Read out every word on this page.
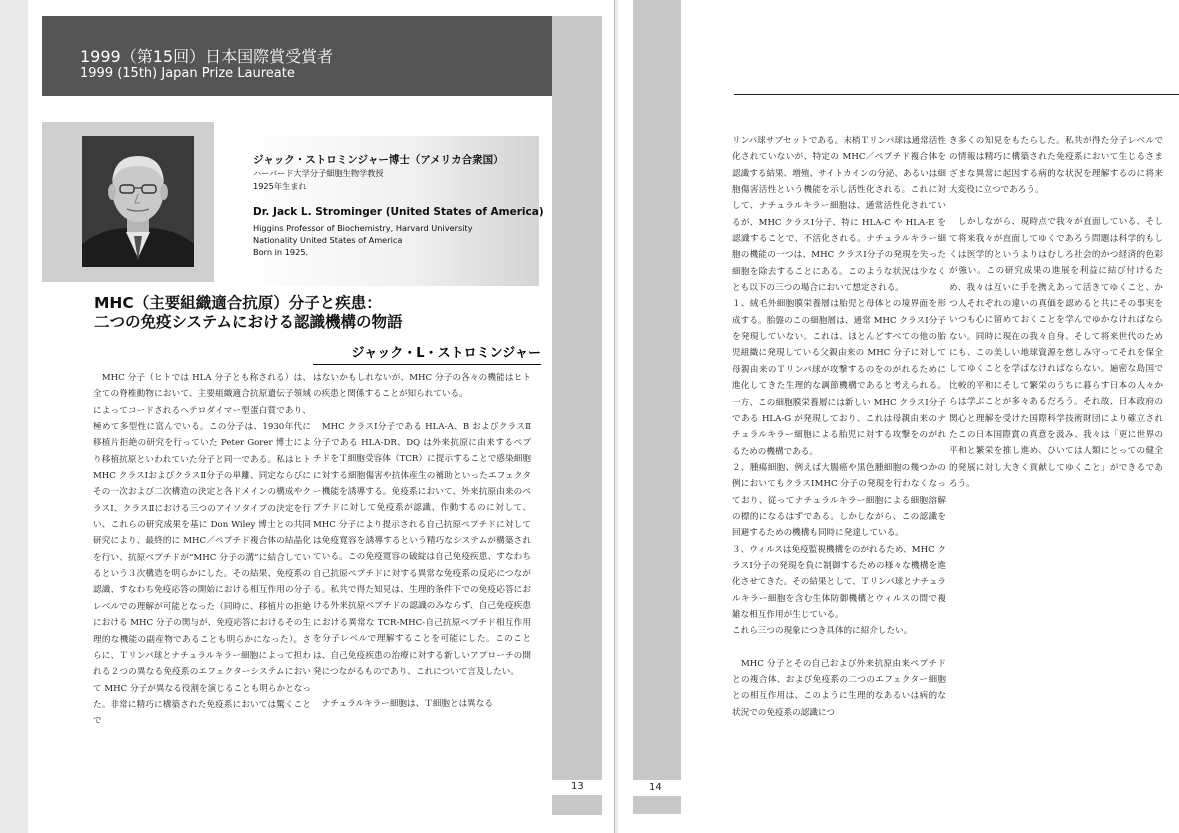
1999（第15回）日本国際賞受賞者
1999 (15th) Japan Prize Laureate
ジャック・ストロミンジャー博士（アメリカ合衆国）
ハーバード大学分子細胞生物学教授
1925年生まれ
Dr. Jack L. Strominger (United States of America)
Higgins Professor of Biochemistry, Harvard University
Nationality United States of America
Born in 1925.
MHC（主要組織適合抗原）分子と疾患：
二つの免疫システムにおける認識機構の物語
ジャック・L・ストロミンジャー

　MHC 分子（ヒトでは HLA 分子とも称される）は、全ての脊椎動物において、主要組織適合抗原遺伝子領域によってコードされるヘテロダイマー型蛋白質であり、極めて多型性に富んでいる。この分子は、1930年代に移植片拒絶の研究を行っていた Peter Gorer 博士により移植抗原といわれていた分子と同一である。私はヒト MHC クラスⅠおよびクラスⅡ分子の単離、同定ならびにその一次および二次構造の決定と各ドメインの構成やクラスⅠ、クラスⅡにおける三つのアイソタイプの決定を行い、これらの研究成果を基に Don Wiley 博士との共同研究により、最終的に MHC／ペプチド複合体の結晶化を行い、抗原ペプチドが“MHC 分子の溝”に結合しているという３次構造を明らかにした。その結果、免疫系の認識、すなわち免疫応答の開始における相互作用の分子レベルでの理解が可能となった（同時に、移植片の拒絶における MHC 分子の関与が、免疫応答におけるその生理的な機能の副産物であることも明らかになった）。さらに、Ｔリンパ球とナチュラルキラー細胞によって担われる２つの異なる免疫系のエフェクターシステムにおいて MHC 分子が異なる役割を演じることも明らかとなった。非常に精巧に構築された免疫系においては驚くことで

はないかもしれないが、MHC 分子の各々の機能はヒトの疾患と関係することが知られている。

　MHC クラスⅠ分子である HLA-A、B およびクラスⅡ分子である HLA-DR、DQ は外来抗原に由来するペプチドをＴ細胞受容体（TCR）に提示することで感染細胞に対する細胞傷害や抗体産生の補助といったエフェクター機能を誘導する。免疫系において、外来抗原由来のペプチドに対して免疫系が認識、作動するのに対して、MHC 分子により提示される自己抗原ペプチドに対しては免疫寛容を誘導するという精巧なシステムが構築されている。この免疫寛容の破綻は自己免疫疾患、すなわち自己抗原ペプチドに対する異常な免疫系の反応につながる。私共で得た知見は、生理的条件下での免疫応答における外来抗原ペプチドの認識のみならず、自己免疫疾患における異常な TCR-MHC-自己抗原ペプチド相互作用を分子レベルで理解することを可能にした。このことは、自己免疫疾患の治療に対する新しいアプローチの開発につながるものであり、これについて言及したい。

　ナチュラルキラー細胞は、Ｔ細胞とは異なる

13

リンパ球サブセットである。末梢Ｔリンパ球は通常活性化されていないが、特定の MHC／ペプチド複合体を認識する結果、増殖、サイトカインの分泌、あるいは細胞傷害活性という機能を示し活性化される。これに対して、ナチュラルキラー細胞は、通常活性化されているが、MHC クラスⅠ分子、特に HLA-C や HLA-E を認識することで、不活化される。ナチュラルキラー細胞の機能の一つは、MHC クラスⅠ分子の発現を失った細胞を除去することにある。このような状況は少なくとも以下の三つの場合において想定される。

１、絨毛外細胞膜栄養層は胎児と母体との境界面を形成する。胎盤のこの細胞層は、通常 MHC クラスⅠ分子を発現していない。これは、ほとんどすべての他の胎児組織に発現している父親由来の MHC 分子に対して母親由来のＴリンパ球が攻撃するのをのがれるために進化してきた生理的な調節機構であると考えられる。一方、この細胞膜栄養層には新しい MHC クラスⅠ分子である HLA-G が発現しており、これは母親由来のナチュラルキラー細胞による胎児に対する攻撃をのがれるための機構である。

２、腫瘍細胞、例えば大腸癌や黒色腫細胞の幾つかの例においてもクラスⅠMHC 分子の発現を行わなくなっており、従ってナチュラルキラー細胞による細胞溶解の標的になるはずである。しかしながら、この認識を回避するための機構も同時に発達している。

３、ウィルスは免疫監視機構をのがれるため、MHC クラスⅠ分子の発現を負に制御するための様々な機構を進化させてきた。その結果として、Ｔリンパ球とナチュラルキラー細胞を含む生体防御機構とウィルスの間で複雑な相互作用が生じている。

これら三つの現象につき具体的に紹介したい。

　MHC 分子とその自己および外来抗原由来ペプチドとの複合体、および免疫系の二つのエフェクター細胞との相互作用は、このように生理的なあるいは病的な状況での免疫系の認識につ

き多くの知見をもたらした。私共が得た分子レベルでの情報は精巧に構築された免疫系において生じるさまざまな異常に起因する病的な状況を理解するのに将来大変役に立つであろう。

　しかしながら、現時点で我々が直面している、そして将来我々が直面してゆくであろう問題は科学的もしくは医学的というよりはむしろ社会的かつ経済的色彩が強い。この研究成果の進展を利益に結び付けるため、我々は互いに手を携えあって活きてゆくこと、かつ人それぞれの違いの真価を認めると共にその事実をいつも心に留めておくことを学んでゆかなければならない。同時に現在の我々自身、そして将来世代のためにも、この美しい地球資源を慈しみ守ってそれを保全してゆくことを学ばなければならない。遍密な島国で比較的平和にそして繁栄のうちに暮らす日本の人々からは学ぶことが多々あるだろう。それ故、日本政府の関心と理解を受けた国際科学技術財団により確立されたこの日本国際賞の真意を汲み、我々は「更に世界の平和と繁栄を推し進め、ひいては人類にとっての健全的発展に対し大きく貢献してゆくこと」ができるであろう。

14
